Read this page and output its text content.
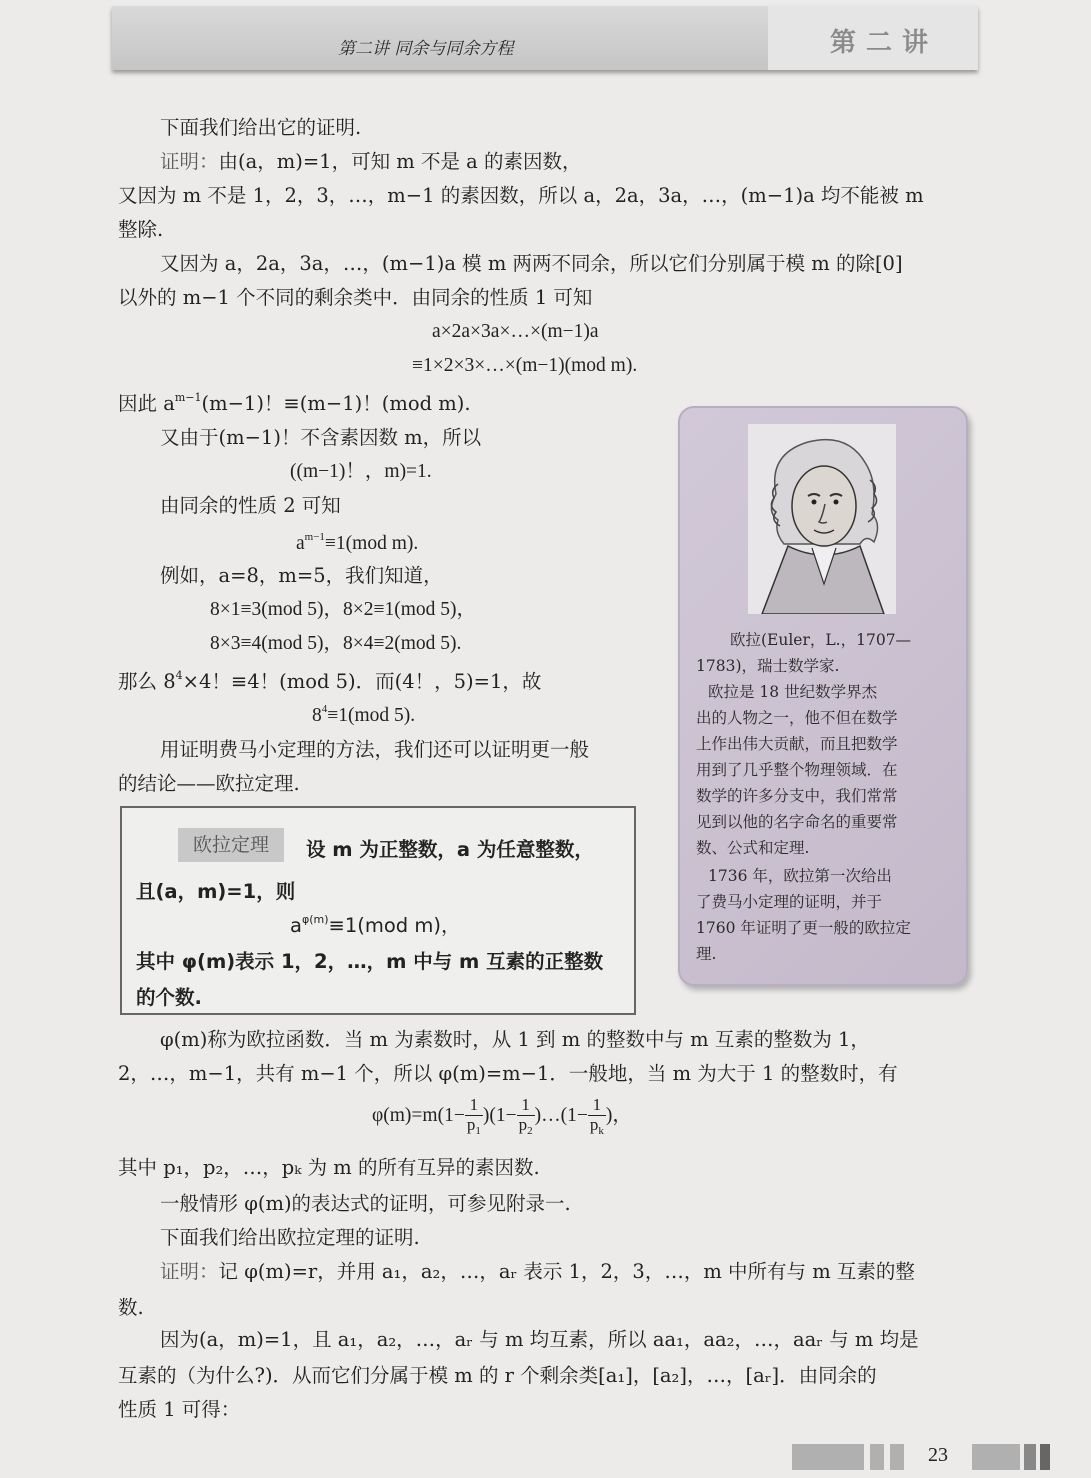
第二讲 同余与同余方程	第二讲
下面我们给出它的证明.
证明：由(a，m)=1，可知 m 不是 a 的素因数，
又因为 m 不是 1，2，3，…，m−1 的素因数，所以 a，2a，3a，…，(m−1)a 均不能被 m
整除.
又因为 a，2a，3a，…，(m−1)a 模 m 两两不同余，所以它们分别属于模 m 的除[0]
以外的 m−1 个不同的剩余类中．由同余的性质 1 可知
a×2a×3a×…×(m−1)a
≡1×2×3×…×(m−1)(mod m).
因此 $a^{m-1}(m-1)$！≡(m−1)！(mod m).
又由于(m−1)！不含素因数 m，所以
((m−1)！，m)=1.
由同余的性质 2 可知
$a^{m-1}\equiv 1(mod$ m).
例如，a=8，m=5，我们知道，
8×1≡3(mod 5)，8×2≡1(mod 5)，
8×3≡4(mod 5)，8×4≡2(mod 5).
那么 $8^4\times 4$！≡4！(mod 5)．而(4！，5)=1，故
$8^4\equiv 1(mod$ 5).
用证明费马小定理的方法，我们还可以证明更一般
的结论——欧拉定理.
欧拉定理	设 m 为正整数，a 为任意整数，
且(a，m)=1，则
$a^{\varphi(m)}\equiv 1(mod$ m)，
其中 φ(m)表示 1，2，…，m 中与 m 互素的正整数
的个数.
欧拉(Euler，L.，1707—
1783)，瑞士数学家.
欧拉是 18 世纪数学界杰
出的人物之一，他不但在数学
上作出伟大贡献，而且把数学
用到了几乎整个物理领域．在
数学的许多分支中，我们常常
见到以他的名字命名的重要常
数、公式和定理.
1736 年，欧拉第一次给出
了费马小定理的证明，并于
1760 年证明了更一般的欧拉定
理.
φ(m)称为欧拉函数．当 m 为素数时，从 1 到 m 的整数中与 m 互素的整数为 1，
2，…，m−1，共有 m−1 个，所以 φ(m)=m−1．一般地，当 m 为大于 1 的整数时，有
$\varphi(m)=m(1- \frac{1}{p_1} )(1- \frac{1}{p_2}$ )…(1− $\frac{1}{p_k}$ )，
其中 p₁，p₂，…，pₖ 为 m 的所有互异的素因数.
一般情形 φ(m)的表达式的证明，可参见附录一.
下面我们给出欧拉定理的证明.
证明：记 φ(m)=r，并用 a₁，a₂，…，aᵣ 表示 1，2，3，…，m 中所有与 m 互素的整
数.
因为(a，m)=1，且 a₁，a₂，…，aᵣ 与 m 均互素，所以 aa₁，aa₂，…，aaᵣ 与 m 均是
互素的（为什么?)．从而它们分属于模 m 的 r 个剩余类[a₁]，[a₂]，…，[aᵣ]．由同余的
性质 1 可得：
23
